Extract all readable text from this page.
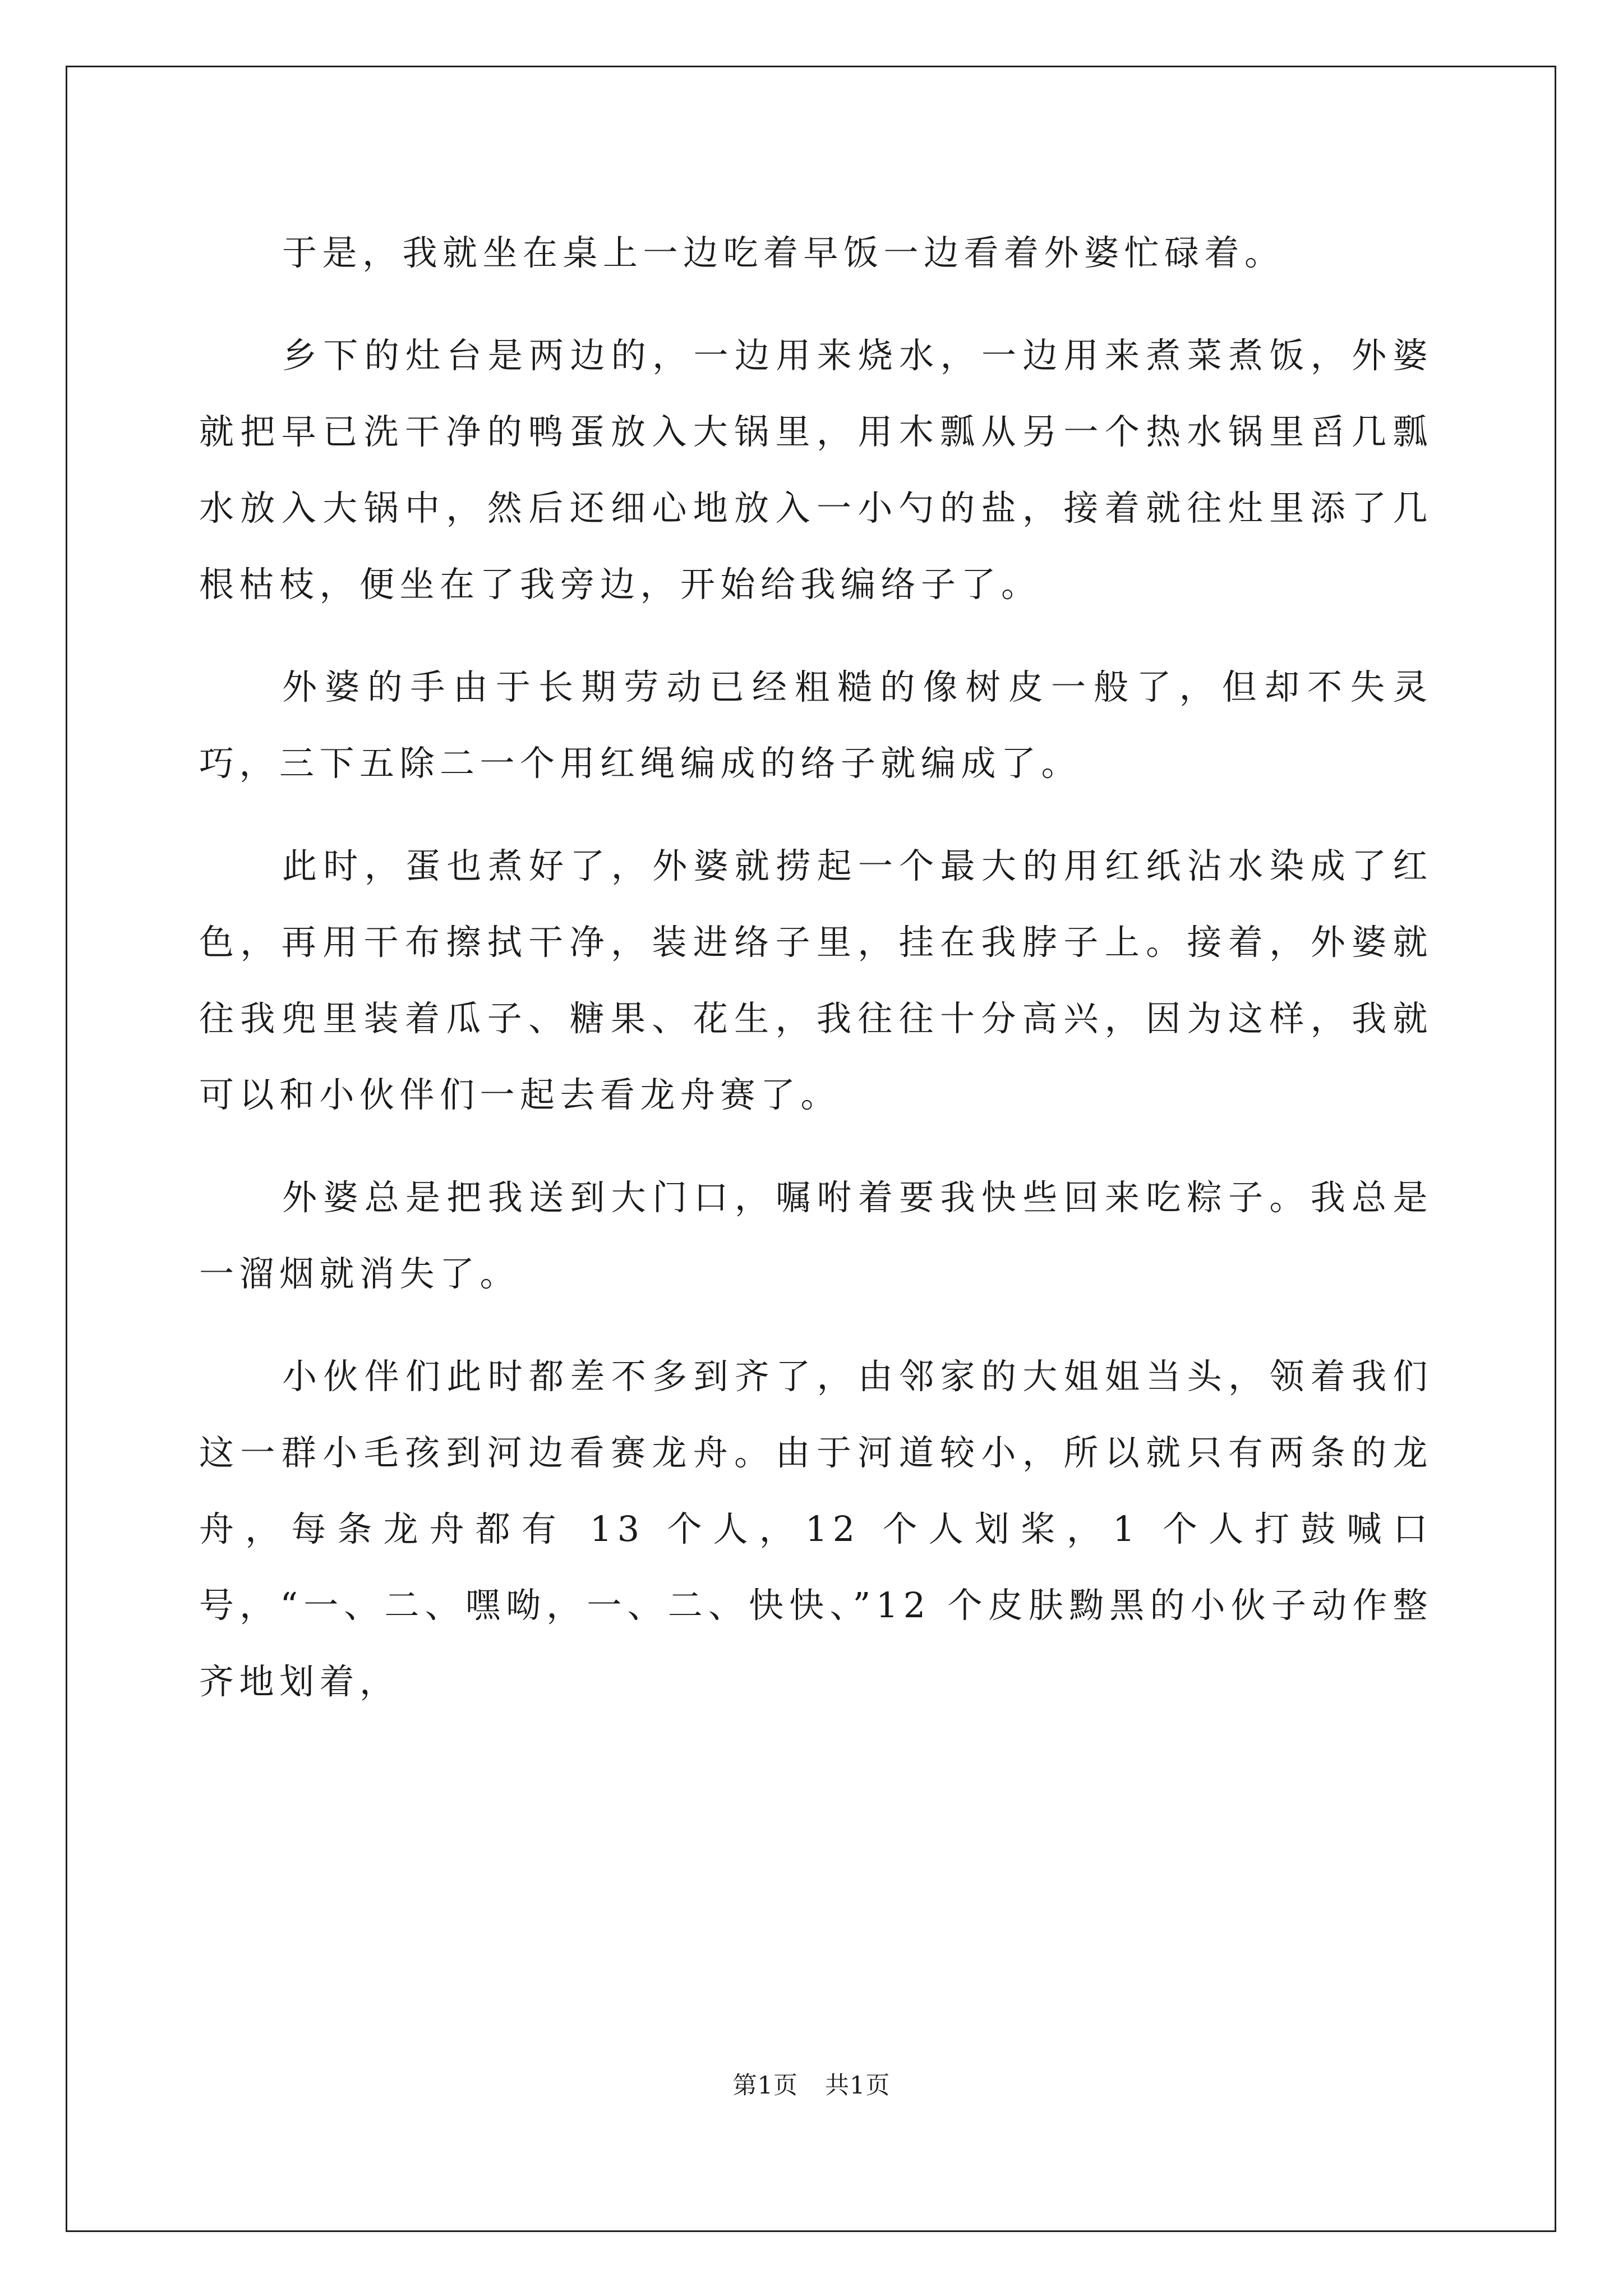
于是，我就坐在桌上一边吃着早饭一边看着外婆忙碌着。

乡下的灶台是两边的，一边用来烧水，一边用来煮菜煮饭，外婆就把早已洗干净的鸭蛋放入大锅里，用木瓢从另一个热水锅里舀几瓢水放入大锅中，然后还细心地放入一小勺的盐，接着就往灶里添了几根枯枝，便坐在了我旁边，开始给我编络子了。

外婆的手由于长期劳动已经粗糙的像树皮一般了，但却不失灵巧，三下五除二一个用红绳编成的络子就编成了。

此时，蛋也煮好了，外婆就捞起一个最大的用红纸沾水染成了红色，再用干布擦拭干净，装进络子里，挂在我脖子上。接着，外婆就往我兜里装着瓜子、糖果、花生，我往往十分高兴，因为这样，我就可以和小伙伴们一起去看龙舟赛了。

外婆总是把我送到大门口，嘱咐着要我快些回来吃粽子。我总是一溜烟就消失了。

小伙伴们此时都差不多到齐了，由邻家的大姐姐当头，领着我们这一群小毛孩到河边看赛龙舟。由于河道较小，所以就只有两条的龙舟，每条龙舟都有 13 个人，12 个人划桨，1 个人打鼓喊口号，“一、二、嘿呦，一、二、快快、”12 个皮肤黝黑的小伙子动作整齐地划着，

第1页 共1页
